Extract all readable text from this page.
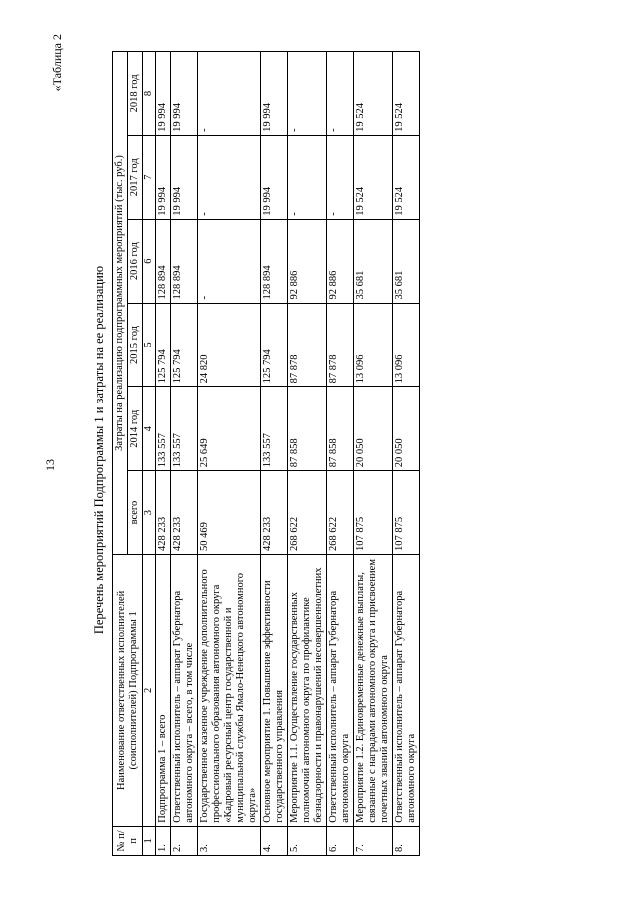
13
«Таблица 2
Перечень мероприятий Подпрограммы 1 и затраты на ее реализацию
№ п/п	Наименование ответственных исполнителей (соисполнителей) Подпрограммы 1	Затраты на реализацию подпрограммных мероприятий (тыс. руб.)					
		всего	2014 год	2015 год	2016 год	2017 год	2018 год
1	2	3	4	5	6	7	8
1.	Подпрограмма 1 – всего	428 233	133 557	125 794	128 894	19 994	19 994
2.	Ответственный исполнитель – аппарат Губернатора автономного округа – всего, в том числе	428 233	133 557	125 794	128 894	19 994	19 994
3.	Государственное казенное учреждение дополнительного профессионального образования автономного округа «Кадровый ресурсный центр государственной и муниципальной службы Ямало-Ненецкого автономного округа»	50 469	25 649	24 820	-	-	-
4.	Основное мероприятие 1. Повышение эффективности государственного управления	428 233	133 557	125 794	128 894	19 994	19 994
5.	Мероприятие 1.1. Осуществление государственных полномочий автономного округа по профилактике безнадзорности и правонарушений несовершеннолетних	268 622	87 858	87 878	92 886	-	-
6.	Ответственный исполнитель – аппарат Губернатора автономного округа	268 622	87 858	87 878	92 886	-	-
7.	Мероприятие 1.2. Единовременные денежные выплаты, связанные с наградами автономного округа и присвоением почетных званий автономного округа	107 875	20 050	13 096	35 681	19 524	19 524
8.	Ответственный исполнитель – аппарат Губернатора автономного округа	107 875	20 050	13 096	35 681	19 524	19 524
